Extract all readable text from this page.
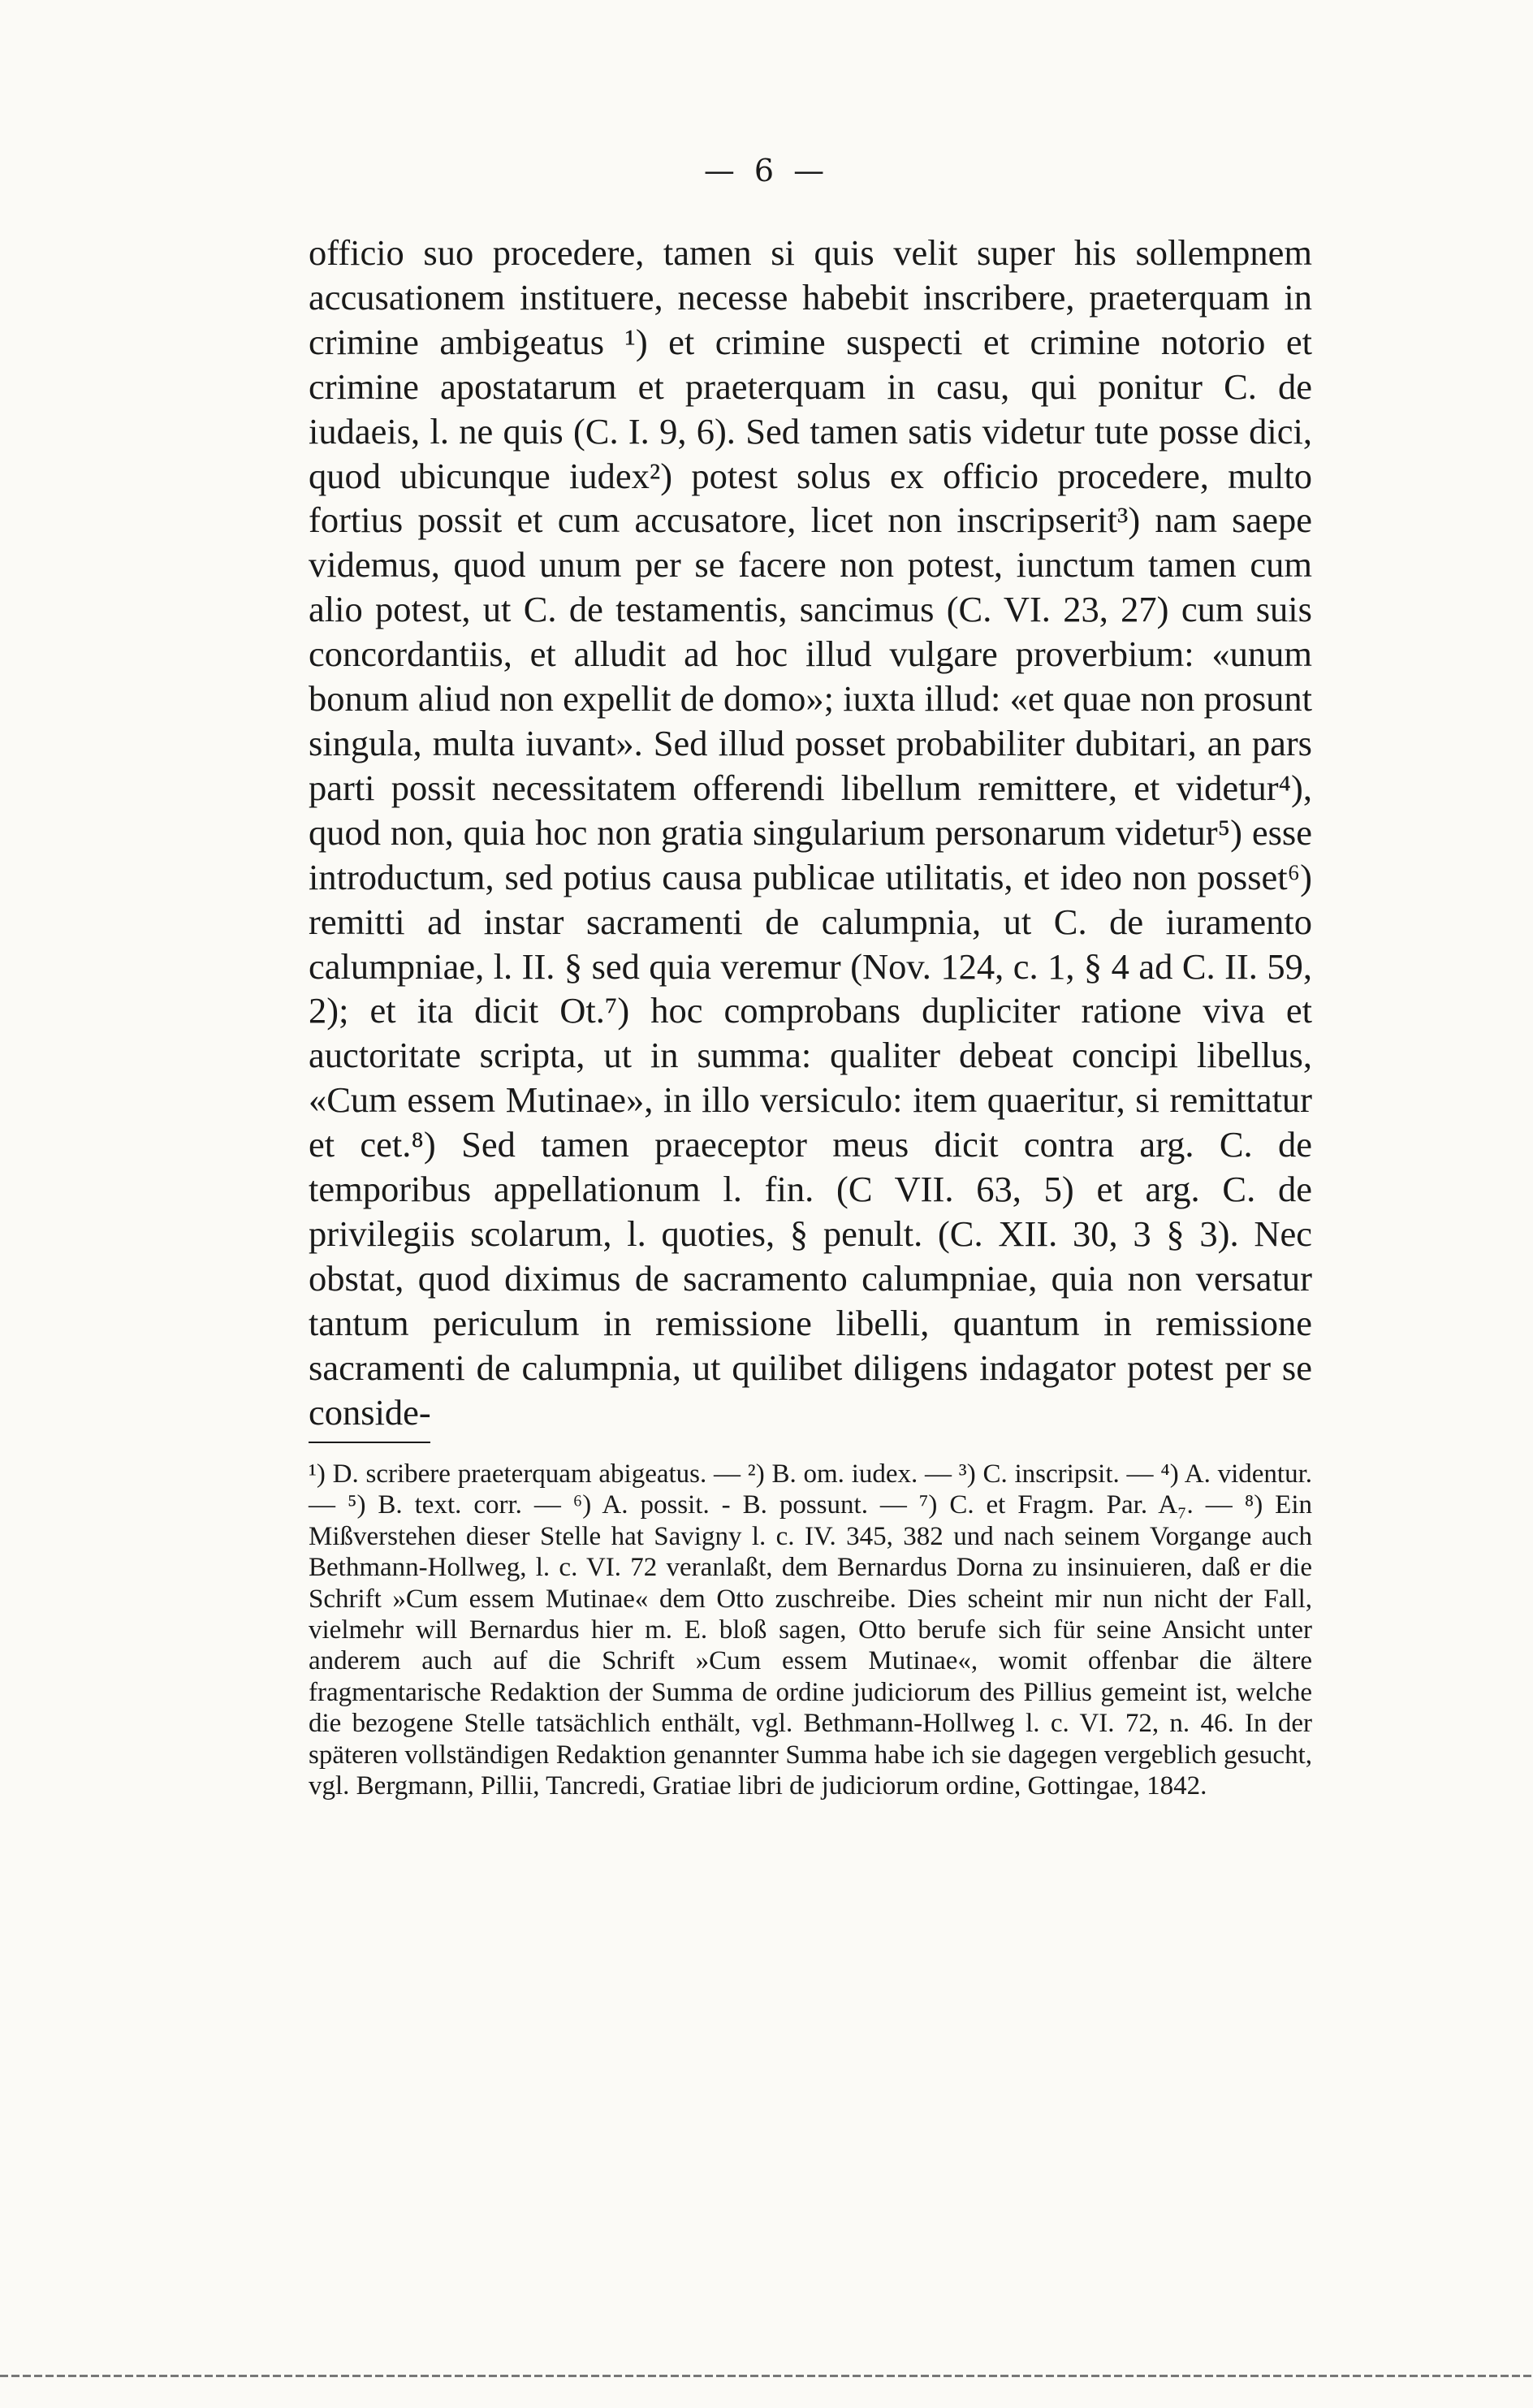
— 6 —

officio suo procedere, tamen si quis velit super his sollempnem accusationem instituere, necesse habebit inscribere, praeterquam in crimine ambigeatus ¹) et crimine suspecti et crimine notorio et crimine apostatarum et praeterquam in casu, qui ponitur C. de iudaeis, l. ne quis (C. I. 9, 6). Sed tamen satis videtur tute posse dici, quod ubicunque iudex²) potest solus ex officio procedere, multo fortius possit et cum accusatore, licet non inscripserit³) nam saepe videmus, quod unum per se facere non potest, iunctum tamen cum alio potest, ut C. de testamentis, sancimus (C. VI. 23, 27) cum suis concordantiis, et alludit ad hoc illud vulgare proverbium: «unum bonum aliud non expellit de domo»; iuxta illud: «et quae non prosunt singula, multa iuvant». Sed illud posset probabiliter dubitari, an pars parti possit necessitatem offerendi libellum remittere, et videtur⁴), quod non, quia hoc non gratia singularium personarum videtur⁵) esse introductum, sed potius causa publicae utilitatis, et ideo non posset⁶) remitti ad instar sacramenti de calumpnia, ut C. de iuramento calumpniae, l. II. § sed quia veremur (Nov. 124, c. 1, § 4 ad C. II. 59, 2); et ita dicit Ot.⁷) hoc comprobans dupliciter ratione viva et auctoritate scripta, ut in summa: qualiter debeat concipi libellus, «Cum essem Mutinae», in illo versiculo: item quaeritur, si remittatur et cet.⁸) Sed tamen praeceptor meus dicit contra arg. C. de temporibus appellationum l. fin. (C VII. 63, 5) et arg. C. de privilegiis scolarum, l. quoties, § penult. (C. XII. 30, 3 § 3). Nec obstat, quod diximus de sacramento calumpniae, quia non versatur tantum periculum in remissione libelli, quantum in remissione sacramenti de calumpnia, ut quilibet diligens indagator potest per se conside-

¹) D. scribere praeterquam abigeatus. — ²) B. om. iudex. — ³) C. inscripsit. — ⁴) A. videntur. — ⁵) B. text. corr. — ⁶) A. possit. - B. possunt. — ⁷) C. et Fragm. Par. A₇. — ⁸) Ein Mißverstehen dieser Stelle hat Savigny l. c. IV. 345, 382 und nach seinem Vorgange auch Bethmann-Hollweg, l. c. VI. 72 veranlaßt, dem Bernardus Dorna zu insinuieren, daß er die Schrift »Cum essem Mutinae« dem Otto zuschreibe. Dies scheint mir nun nicht der Fall, vielmehr will Bernardus hier m. E. bloß sagen, Otto berufe sich für seine Ansicht unter anderem auch auf die Schrift »Cum essem Mutinae«, womit offenbar die ältere fragmentarische Redaktion der Summa de ordine judiciorum des Pillius gemeint ist, welche die bezogene Stelle tatsächlich enthält, vgl. Bethmann-Hollweg l. c. VI. 72, n. 46. In der späteren vollständigen Redaktion genannter Summa habe ich sie dagegen vergeblich gesucht, vgl. Bergmann, Pillii, Tancredi, Gratiae libri de judiciorum ordine, Gottingae, 1842.
